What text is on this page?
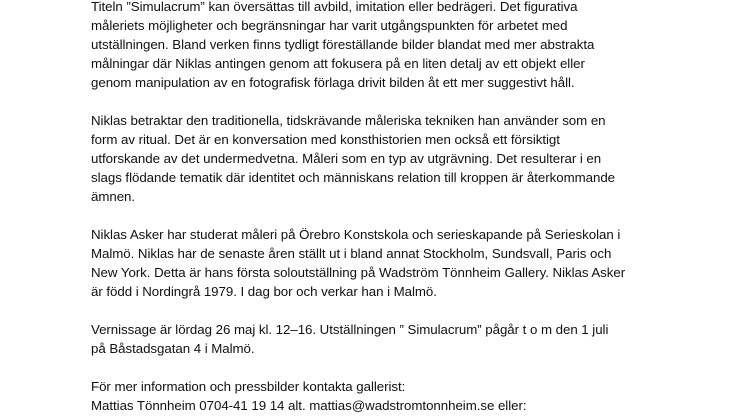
Titeln ”Simulacrum” kan översättas till avbild, imitation eller bedrägeri. Det figurativa
måleriets möjligheter och begränsningar har varit utgångspunkten för arbetet med
utställningen. Bland verken finns tydligt föreställande bilder blandat med mer abstrakta
målningar där Niklas antingen genom att fokusera på en liten detalj av ett objekt eller
genom manipulation av en fotografisk förlaga drivit bilden åt ett mer suggestivt håll.

Niklas betraktar den traditionella, tidskrävande måleriska tekniken han använder som en
form av ritual. Det är en konversation med konsthistorien men också ett försiktigt
utforskande av det undermedvetna. Måleri som en typ av utgrävning. Det resulterar i en
slags flödande tematik där identitet och människans relation till kroppen är återkommande
ämnen.

Niklas Asker har studerat måleri på Örebro Konstskola och serieskapande på Serieskolan i
Malmö. Niklas har de senaste åren ställt ut i bland annat Stockholm, Sundsvall, Paris och
New York. Detta är hans första soloutställning på Wadström Tönnheim Gallery. Niklas Asker
är född i Nordingrå 1979. I dag bor och verkar han i Malmö.

Vernissage är lördag 26 maj kl. 12–16. Utställningen ” Simulacrum” pågår t o m den 1 juli
på Båstadsgatan 4 i Malmö.

För mer information och pressbilder kontakta gallerist:
Mattias Tönnheim 0704-41 19 14 alt. mattias@wadstromtonnheim.se eller:
